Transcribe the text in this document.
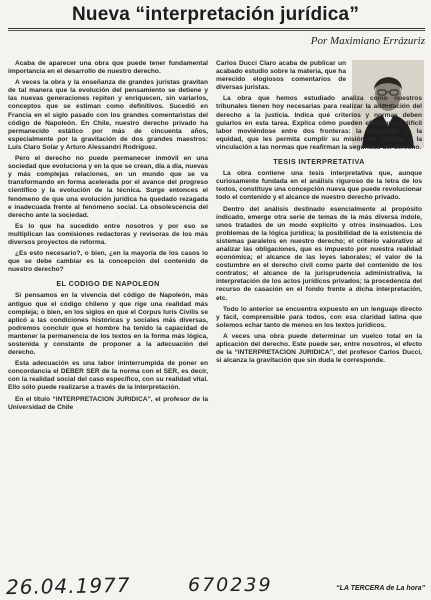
Nueva “interpretación jurídica”
Por Maximiano Errázuriz

Acaba de aparecer una obra que puede tener fundamental importancia en el desarrollo de nuestro derecho.

A veces la obra y la enseñanza de grandes juristas gravitan de tal manera que la evolución del pensamiento se detiene y las nuevas generaciones repiten y enriquecen, sin variarlos, conceptos que se estiman como definitivos. Sucedió en Francia en el siglo pasado con los grandes comentaristas del código de Napoleón. En Chile, nuestro derecho privado ha permanecido estático por más de cincuenta años, especialmente por la gravitación de dos grandes maestros: Luis Claro Solar y Arturo Alessandri Rodríguez.

Pero el derecho no puede permanecer inmóvil en una sociedad que evoluciona y en la que se crean, día a día, nuevas y más complejas relaciones, en un mundo que se va transformando en forma acelerada por el avance del progreso científico y la evolución de la técnica. Surge entonces el fenómeno de que una evolución jurídica ha quedado rezagada e inadecuada frente al fenómeno social. La obsolescencia del derecho ante la sociedad.

Es lo que ha sucedido entre nosotros y por eso se multiplican las comisiones redactoras y revisoras de los más diversos proyectos de reforma.

¿Es esto necesario?, o bien, ¿en la mayoría de los casos lo que se debe cambiar es la concepción del contenido de nuestro derecho?

EL CODIGO DE NAPOLEON

Si pensamos en la vivencia del código de Napoleón, más antiguo que el código chileno y que rige una realidad más compleja; o bien, en los siglos en que el Corpus Iuris Civilis se aplicó a las condiciones históricas y sociales más diversas, podremos concluir que el hombre ha tenido la capacidad de mantener la permanencia de los textos en la forma más lógica, sostenida y constante de proponer a la adecuación del derecho.

Esta adecuación es una labor ininterrumpida de poner en concordancia el DEBER SER de la norma con el SER, es decir, con la realidad social del caso específico, con su realidad vital. Ello sólo puede realizarse a través de la interpretación.

En el título “INTERPRETACION JURIDICA”, el profesor de la Universidad de Chile

Carlos Ducci Claro acaba de publicar un acabado estudio sobre la materia, que ha merecido elogiosos comentarios de diversas juristas.

La obra que hemos estudiado analiza como nuestros tribunales tienen hoy necesarias para realizar la adecuación del derecho a la justicia. Indica qué criterios y normas deben guiarlos en esta tarea. Explica cómo pueden efectuar su difícil labor moviéndose entre dos fronteras: la búsqueda de la equidad, que les permita cumplir su misión de justicia, y la vinculación a las normas que reafirman la seguridad del derecho.

TESIS INTERPRETATIVA

La obra contiene una tesis interpretativa que, aunque curiosamente fundada en el análisis riguroso de la letra de los textos, constituye una concepción nueva que puede revolucionar todo el contenido y el alcance de nuestro derecho privado.

Dentro del análisis destinado esencialmente al propósito indicado, emerge otra serie de temas de la más diversa índole, unos tratados de un modo explícito y otros insinuados. Los problemas de la lógica jurídica; la posibilidad de la existencia de sistemas paralelos en nuestro derecho; el criterio valorativo al analizar las obligaciones, que es impuesto por nuestra realidad económica; el alcance de las leyes laborales; el valor de la costumbre en el derecho civil como parte del contenido de los contratos; el alcance de la jurisprudencia administrativa, la interpretación de los actos jurídicos privados; la procedencia del recurso de casación en el fondo frente a dicha interpretación, etc.

Todo lo anterior se encuentra expuesto en un lenguaje directo y fácil, comprensible para todos, con esa claridad latina que solemos echar tanto de menos en los textos jurídicos.

A veces una obra puede determinar un vuelco total en la aplicación del derecho. Este puede ser, entre nosotros, el efecto de la “INTERPRETACION JURIDICA”, del profesor Carlos Ducci, si alcanza la gravitación que sin duda le corresponde.

“LA TERCERA de La hora”
26.04.1977	670239
